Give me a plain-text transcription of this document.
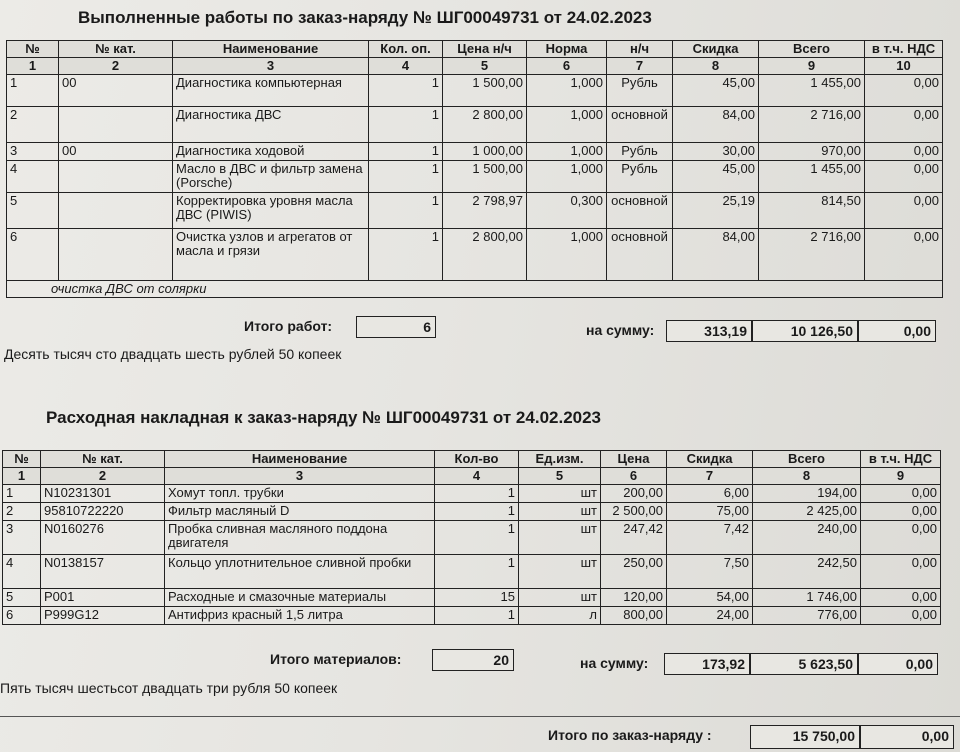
Выполненные работы по заказ-наряду № ШГ00049731 от 24.02.2023
№	№ кат.	Наименование	Кол. оп.	Цена н/ч	Норма	н/ч	Скидка	Всего	в т.ч. НДС
1	2	3	4	5	6	7	8	9	10
1	00	Диагностика компьютерная	1	1 500,00	1,000	Рубль	45,00	1 455,00	0,00
2		Диагностика ДВС	1	2 800,00	1,000	основной	84,00	2 716,00	0,00
3	00	Диагностика ходовой	1	1 000,00	1,000	Рубль	30,00	970,00	0,00
4		Масло в ДВС и фильтр замена (Porsche)	1	1 500,00	1,000	Рубль	45,00	1 455,00	0,00
5		Корректировка уровня масла ДВС (PIWIS)	1	2 798,97	0,300	основной	25,19	814,50	0,00
6		Очистка узлов и агрегатов от масла и грязи	1	2 800,00	1,000	основной	84,00	2 716,00	0,00
очистка ДВС от солярки									
Итого работ:	6	на сумму:	313,19	10 126,50	0,00
Десять тысяч сто двадцать шесть рублей 50 копеек
Расходная накладная к заказ-наряду № ШГ00049731 от 24.02.2023
№	№ кат.	Наименование	Кол-во	Ед.изм.	Цена	Скидка	Всего	в т.ч. НДС
1	2	3	4	5	6	7	8	9
1	N10231301	Хомут топл. трубки	1	шт	200,00	6,00	194,00	0,00
2	95810722220	Фильтр масляный D	1	шт	2 500,00	75,00	2 425,00	0,00
3	N0160276	Пробка сливная масляного поддона двигателя	1	шт	247,42	7,42	240,00	0,00
4	N0138157	Кольцо уплотнительное сливной пробки	1	шт	250,00	7,50	242,50	0,00
5	P001	Расходные и смазочные материалы	15	шт	120,00	54,00	1 746,00	0,00
6	P999G12	Антифриз красный 1,5 литра	1	л	800,00	24,00	776,00	0,00
Итого материалов:	20	на сумму:	173,92	5 623,50	0,00
Пять тысяч шестьсот двадцать три рубля 50 копеек
Итого по заказ-наряду :	15 750,00	0,00
